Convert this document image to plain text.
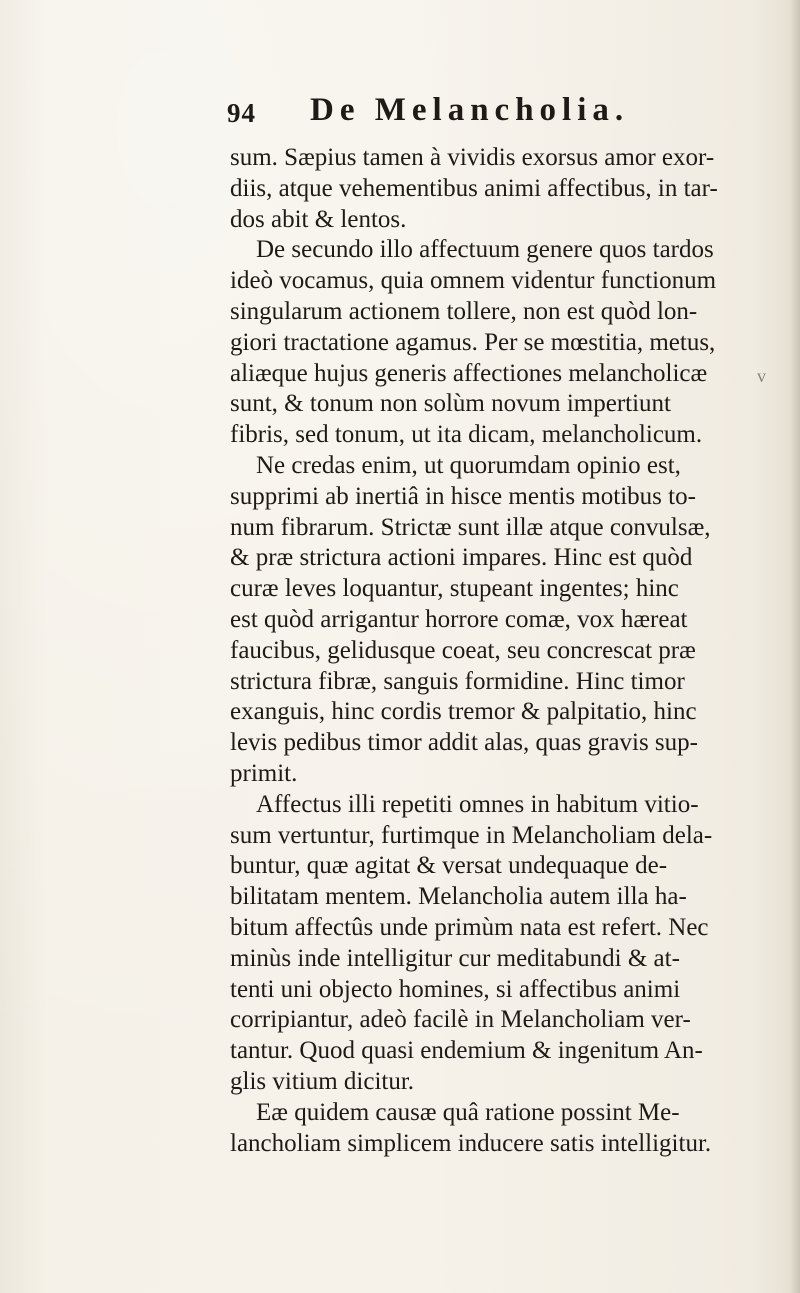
v
94 De Melancholia.
sum. Sæpius tamen à vividis exorsus amor exor-
diis, atque vehementibus animi affectibus, in tar-
dos abit & lentos.
De secundo illo affectuum genere quos tardos
ideò vocamus, quia omnem videntur functionum
singularum actionem tollere, non est quòd lon-
giori tractatione agamus. Per se mœstitia, metus,
aliæque hujus generis affectiones melancholicæ
sunt, & tonum non solùm novum impertiunt
fibris, sed tonum, ut ita dicam, melancholicum.
Ne credas enim, ut quorumdam opinio est,
supprimi ab inertiâ in hisce mentis motibus to-
num fibrarum. Strictæ sunt illæ atque convulsæ,
& præ strictura actioni impares. Hinc est quòd
curæ leves loquantur, stupeant ingentes; hinc
est quòd arrigantur horrore comæ, vox hæreat
faucibus, gelidusque coeat, seu concrescat præ
strictura fibræ, sanguis formidine. Hinc timor
exanguis, hinc cordis tremor & palpitatio, hinc
levis pedibus timor addit alas, quas gravis sup-
primit.
Affectus illi repetiti omnes in habitum vitio-
sum vertuntur, furtimque in Melancholiam dela-
buntur, quæ agitat & versat undequaque de-
bilitatam mentem. Melancholia autem illa ha-
bitum affectûs unde primùm nata est refert. Nec
minùs inde intelligitur cur meditabundi & at-
tenti uni objecto homines, si affectibus animi
corripiantur, adeò facilè in Melancholiam ver-
tantur. Quod quasi endemium & ingenitum An-
glis vitium dicitur.
Eæ quidem causæ quâ ratione possint Me-
lancholiam simplicem inducere satis intelligitur.
